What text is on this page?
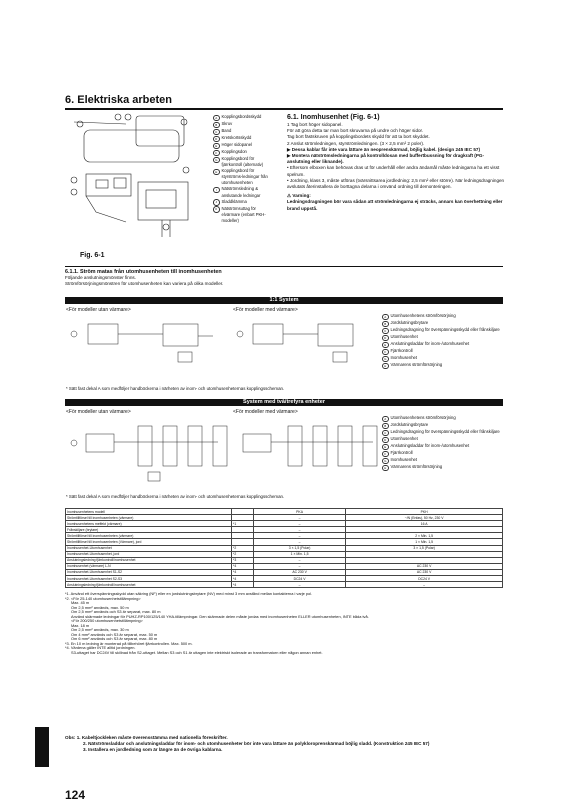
6. Elektriska arbeten
A	Kopplingsbordsskydd
B	Skruv
C Band
D Kretskortsskydd
E	Höger sidopanel
F	Kopplingsdon
G Kopplingsbord för fjärrkontroll (alternativ)
H Kopplingsbord för styrströms-ledningar från utomhusenheten
I	Nätströmsledning & anslutande ledningar
J	Sladdklämma
K	Nätströmsuttag för elvärmare (enbart PKH-modeller)
Fig. 6-1
6.1. Inomhusenhet (Fig. 6-1)
1 Tag bort höger sidopanel.
För att göra detta tar man bort skruvarna på undre och höger sidor.
Tag bort fästskruven på kopplingsbordets skydd för att ta bort skyddet.
2 Anslut strömledningen, styrströmledningen. (3 × 2,5 mm² 2 poler).
▶ Dessa kablar får inte vara lättare än neoprenskärmad, böjlig kabel. (design 245 IEC 57)
▶ Montera nätströmsledningarna på kontrolldosan med buffertbussning för dragkraft (PG-anslutning eller liknande).
• Eftersom elboxen kan behövas dras ut för underhåll eller andra ändamål måste ledningarna ha ett visst spelrum.
• Jordning, klass 3, måste utföras (tvärsnittsarea jordledning: 2,5 mm² eller större). När ledningsdragningen avslutats återinstallera de borttagna delarna i omvänd ordning till demonteringen.
⚠ Varning:
Ledningsdragningen bör vara sådan att strömledningarna ej sträcks, annars kan överhettning eller brand uppstå.
6.1.1. Ström matas från utomhusenheten till inomhusenheten
Följande anslutningsmönster finns.
Strömförsörjningsmönstren för utomhusenheten kan variera på olika modeller.
1:1 System
<För modeller utan värmare>	<För modeller med värmare>
A	Utomhusenhetens strömförsörjning
B	Jordslutningsbrytare
C Ledningsdragning för överspänningsskydd eller frånskiljare
D Utomhusenhet
E	Anslutningsladdar för inom-/utomhusenhet
F	Fjärrkontroll
G Inomhusenhet
H Värmarens strömförsörjning
* Sätt fast dekal A som medföljer handböckerna i närheten av inom- och utomhusenheternas kopplingsscheman.
System med två/trefyra enheter
<För modeller utan värmare>	<För modeller med värmare>
A	Utomhusenhetens strömförsörjning
B	Jordslutningsbrytare
C Ledningsdragning för överspänningsskydd eller frånskiljare
D Utomhusenhet
E	Anslutningsladdar för inom-/utomhusenhet
F	Fjärrkontroll
G Inomhusenhet
H Värmarens strömförsörjning
* Sätt fast dekal A som medföljer handböckerna i närheten av inom- och utomhusenheternas kopplingsscheman.
Inomhusenhetens modell		PKA	PKH
Strömtillförsel till inomhusenheten (värmare)		–	~/N (Enfas), 50 Hz, 230 V
Inomhusenhetens meffekt (värmare)	*1	–	16 A
Frånskiljare (brytare)		–	
Strömtillförsel till inomhusenheten (värmare)		–	2 × Min. 1,5
Strömtillförsel till inomhusenheten (Värmare), jord		–	1 × Min. 1,5
Inomhusenhet-Utomhusenhet	*2	3 × 1,5 (Polar)	3 × 1,5 (Polar)
Inomhusenhet-Utomhusenhet, jord	*2	1 × Min. 1,5	
Anslutningsledning fjärrkontroll/inomhusenhet	*3	–	
Inomhusenhet (värmare) L-N	*4	–	AC 230 V
Inomhusenhet-Utomhusenhet S1-S2	*4	AC 230 V	AC 230 V
Inomhusenhet-Utomhusenhet S2-S3	*4	DC24 V	DC24 V
Anslutningsledning fjärrkontroll/inomhusenhet	*4	–	–
*1. Använd ett överspänningsskydd utan säkring (NF) eller en jordslutningsbrytare (NV) med minst 3 mm avstånd mellan kontakterna i varje pol.
*2. <För 25-140 utomhusenhetstillämpning>
Max. 45 m
Om 2,5 mm² används, max. 50 m
Om 2,5 mm² används och S3 är separat, max. 80 m
Använd skärmade ledningar för PUHZ-RP100/125/140 YHA-tillämpningar. Den skärmade delen måste jordas med inomhusenheten ELLER utomhusenheten, INTE båda två.
<För 200/250 utomhusenhetstillämpning>
Max. 18 m
Om 2,5 mm² används, max. 30 m
Om 4 mm² används och S3 är separat, max. 50 m
Om 6 mm² används och S3 är separat, max. 80 m
*3. En 10 m ledning är monterad på tillbehöret fjärrkontrollen. Max. 500 m.
*4. Värdena gäller INTE alltid jordningen.
S3-uttaget har DC24V till skillnad från S2-uttaget. Mellan S3 och S1 är uttagen inte elektriskt isolerade av transformatorn eller någon annan enhet.
Obs: 1. Kabeltjockleken måste överensstämma med nationella föreskrifter.
2. Nätströmsladdar och anslutningsladdar för inom- och utomhusenheter bör inte vara lättare än polykloroprenskärmad böjlig sladd. (Konstruktion 245 IEC 57)
3. Installera en jordledning som är längre än de övriga kablarna.
124
